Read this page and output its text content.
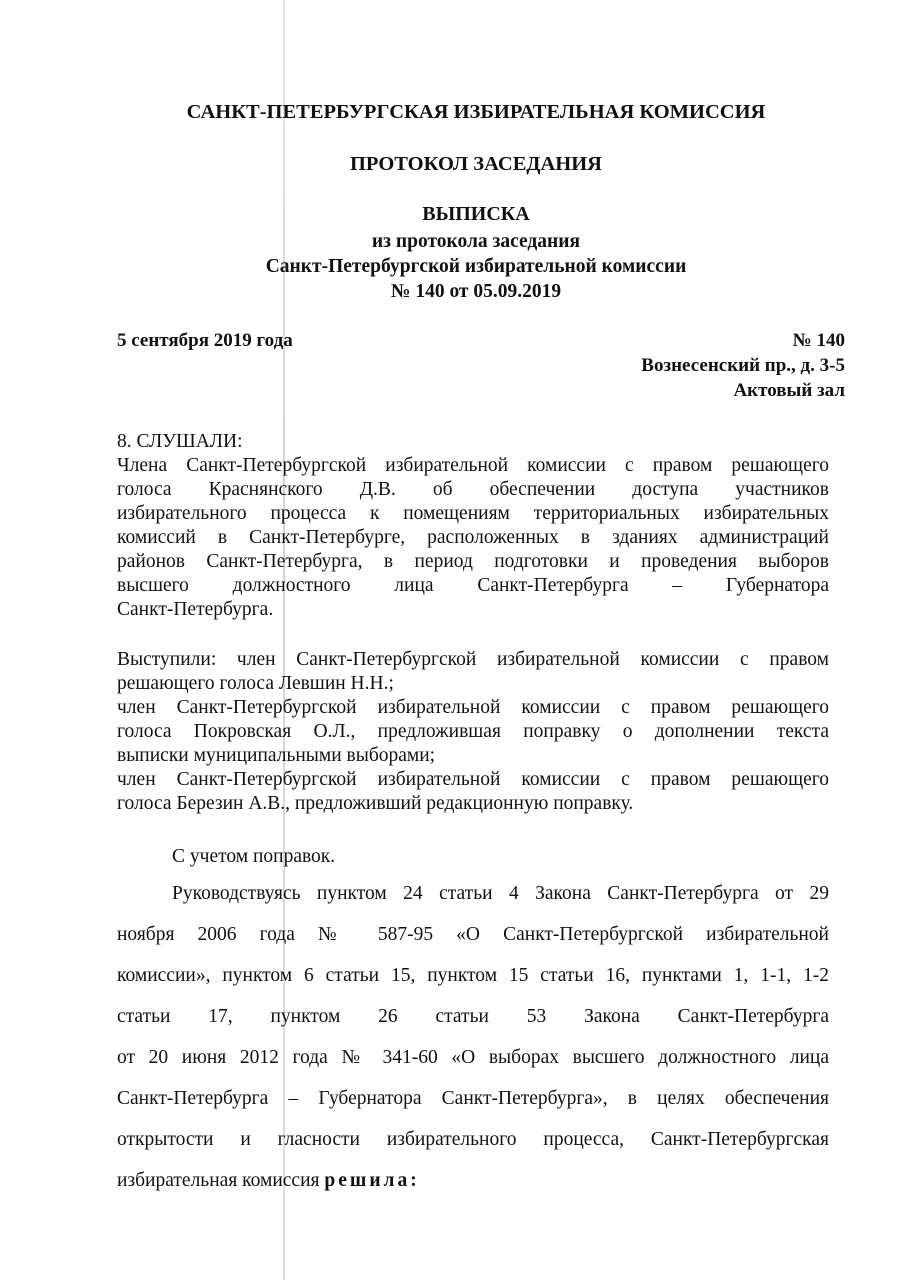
САНКТ-ПЕТЕРБУРГСКАЯ ИЗБИРАТЕЛЬНАЯ КОМИССИЯ
ПРОТОКОЛ ЗАСЕДАНИЯ
ВЫПИСКА
из протокола заседания
Санкт-Петербургской избирательной комиссии
№ 140 от 05.09.2019
5 сентября 2019 года	№ 140
Вознесенский пр., д. 3-5
Актовый зал
8. СЛУШАЛИ:
Члена Санкт-Петербургской избирательной комиссии с правом решающего
голоса Краснянского Д.В. об обеспечении доступа участников
избирательного процесса к помещениям территориальных избирательных
комиссий в Санкт-Петербурге, расположенных в зданиях администраций
районов Санкт-Петербурга, в период подготовки и проведения выборов
высшего должностного лица Санкт-Петербурга – Губернатора
Санкт-Петербурга.
Выступили: член Санкт-Петербургской избирательной комиссии с правом
решающего голоса Левшин Н.Н.;
член Санкт-Петербургской избирательной комиссии с правом решающего
голоса Покровская О.Л., предложившая поправку о дополнении текста
выписки муниципальными выборами;
член Санкт-Петербургской избирательной комиссии с правом решающего
голоса Березин А.В., предложивший редакционную поправку.
С учетом поправок.
Руководствуясь пунктом 24 статьи 4 Закона Санкт-Петербурга от 29
ноября 2006 года № 587-95 «О Санкт-Петербургской избирательной
комиссии», пунктом 6 статьи 15, пунктом 15 статьи 16, пунктами 1, 1-1, 1-2
статьи 17, пунктом 26 статьи 53 Закона Санкт-Петербурга
от 20 июня 2012 года № 341-60 «О выборах высшего должностного лица
Санкт-Петербурга – Губернатора Санкт-Петербурга», в целях обеспечения
открытости и гласности избирательного процесса, Санкт-Петербургская
избирательная комиссия решила:
